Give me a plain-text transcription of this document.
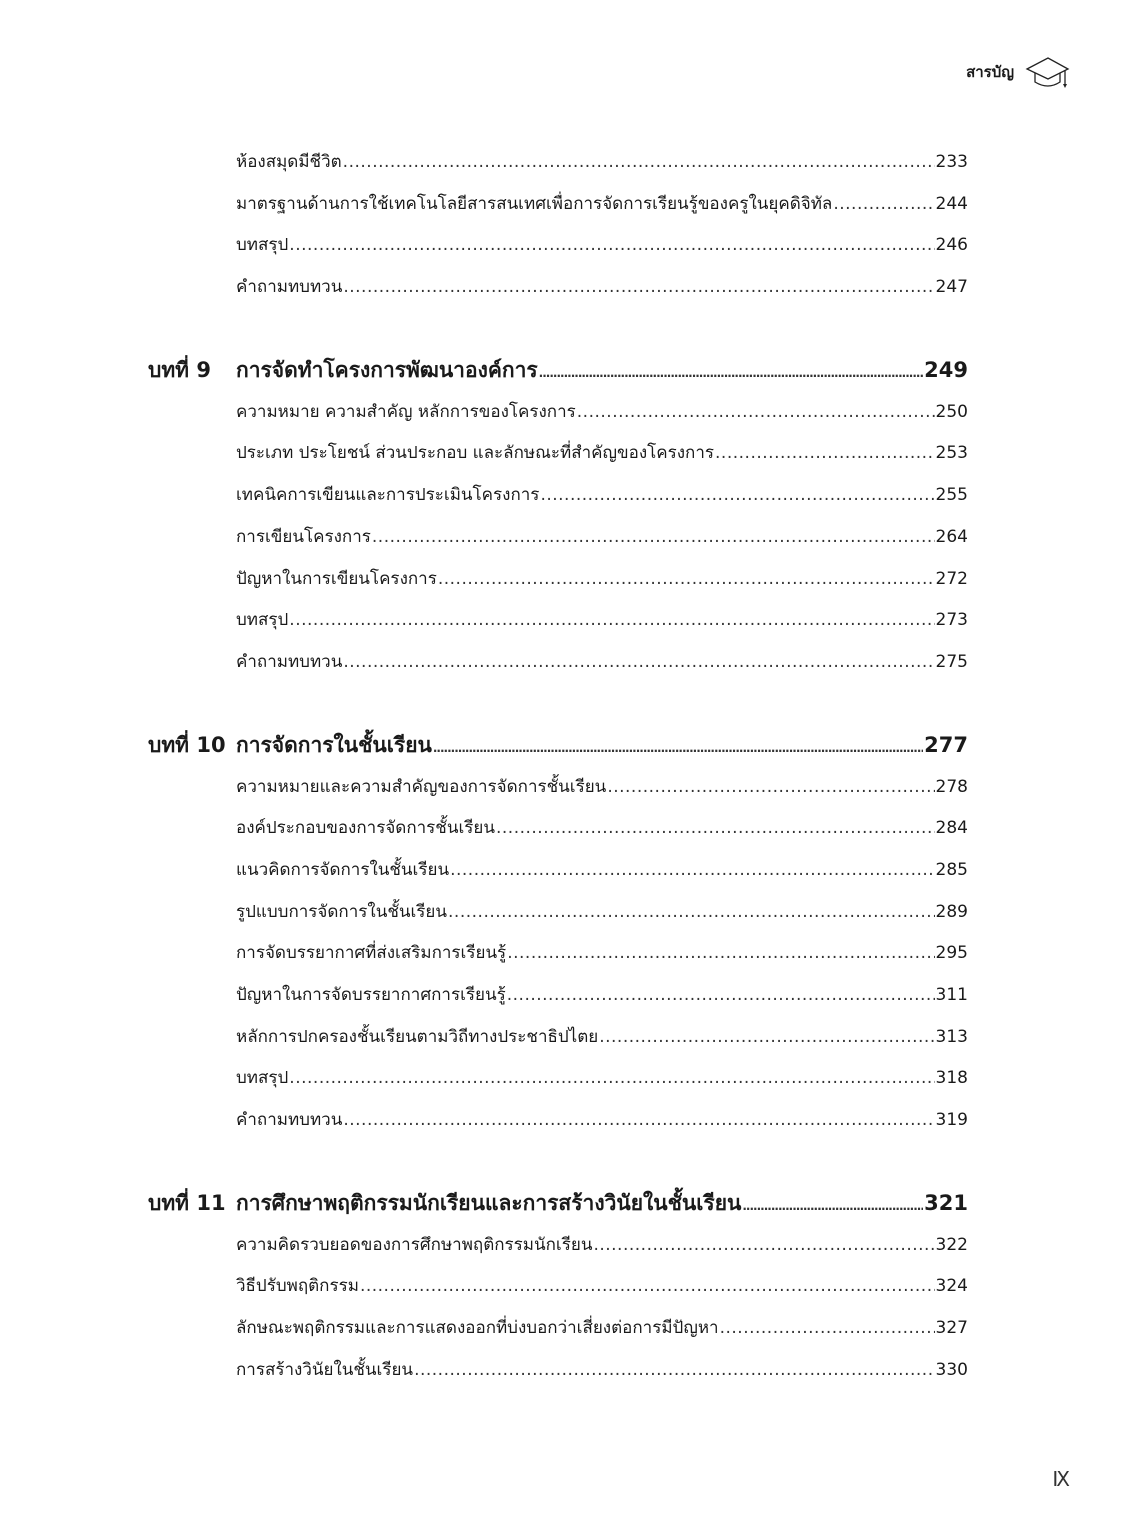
สารบัญ
ห้องสมุดมีชีวิต .....	233
มาตรฐานด้านการใช้เทคโนโลยีสารสนเทศเพื่อการจัดการเรียนรู้ของครูในยุคดิจิทัล .....	244
บทสรุป .....	246
คำถามทบทวน .....	247
บทที่ 9	การจัดทำโครงการพัฒนาองค์การ .....	249
ความหมาย ความสำคัญ หลักการของโครงการ .....	250
ประเภท ประโยชน์ ส่วนประกอบ และลักษณะที่สำคัญของโครงการ .....	253
เทคนิคการเขียนและการประเมินโครงการ .....	255
การเขียนโครงการ .....	264
ปัญหาในการเขียนโครงการ .....	272
บทสรุป .....	273
คำถามทบทวน .....	275
บทที่ 10 การจัดการในชั้นเรียน .....	277
ความหมายและความสำคัญของการจัดการชั้นเรียน .....	278
องค์ประกอบของการจัดการชั้นเรียน .....	284
แนวคิดการจัดการในชั้นเรียน .....	285
รูปแบบการจัดการในชั้นเรียน .....	289
การจัดบรรยากาศที่ส่งเสริมการเรียนรู้ .....	295
ปัญหาในการจัดบรรยากาศการเรียนรู้ .....	311
หลักการปกครองชั้นเรียนตามวิถีทางประชาธิปไตย .....	313
บทสรุป .....	318
คำถามทบทวน .....	319
บทที่ 11 การศึกษาพฤติกรรมนักเรียนและการสร้างวินัยในชั้นเรียน .....	321
ความคิดรวบยอดของการศึกษาพฤติกรรมนักเรียน .....	322
วิธีปรับพฤติกรรม .....	324
ลักษณะพฤติกรรมและการแสดงออกที่บ่งบอกว่าเสี่ยงต่อการมีปัญหา .....	327
การสร้างวินัยในชั้นเรียน .....	330
IX
